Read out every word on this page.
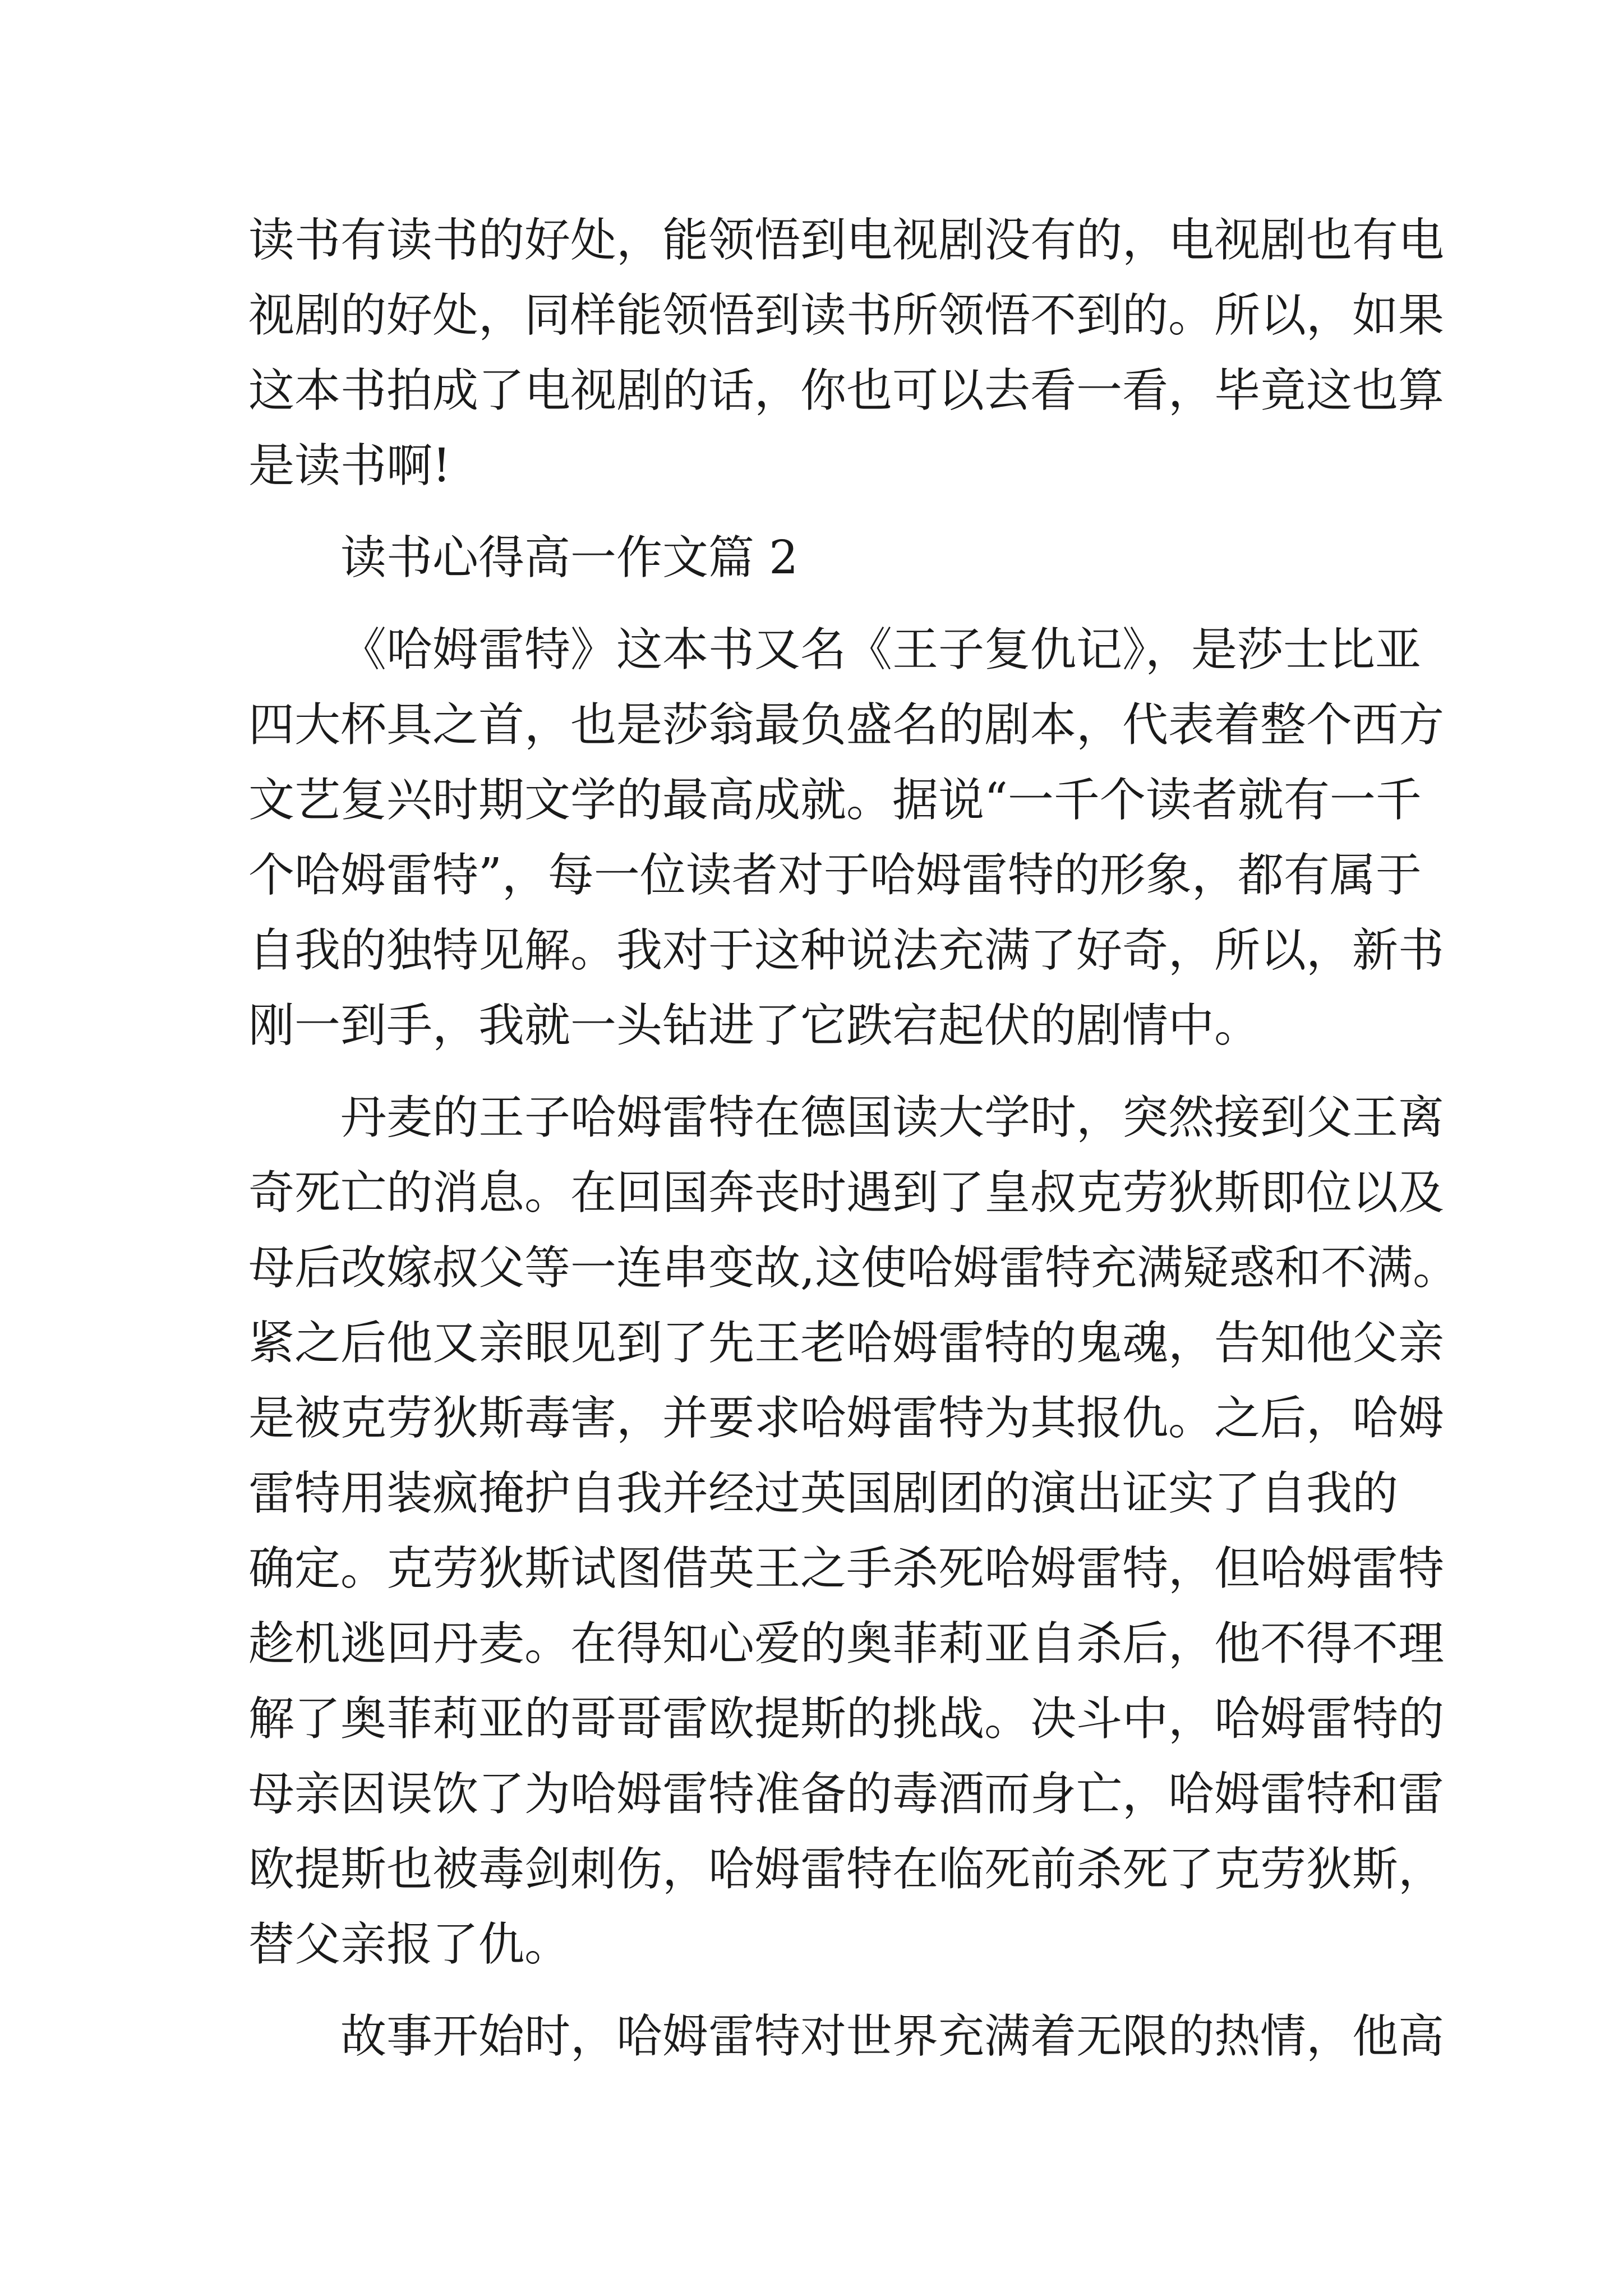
读书有读书的好处，能领悟到电视剧没有的，电视剧也有电
视剧的好处，同样能领悟到读书所领悟不到的。所以，如果
这本书拍成了电视剧的话，你也可以去看一看，毕竟这也算
是读书啊!
读书心得高一作文篇 2
《哈姆雷特》这本书又名《王子复仇记》，是莎士比亚
四大杯具之首，也是莎翁最负盛名的剧本，代表着整个西方
文艺复兴时期文学的最高成就。据说“一千个读者就有一千
个哈姆雷特”，每一位读者对于哈姆雷特的形象，都有属于
自我的独特见解。我对于这种说法充满了好奇，所以，新书
刚一到手，我就一头钻进了它跌宕起伏的剧情中。
丹麦的王子哈姆雷特在德国读大学时，突然接到父王离
奇死亡的消息。在回国奔丧时遇到了皇叔克劳狄斯即位以及
母后改嫁叔父等一连串变故,这使哈姆雷特充满疑惑和不满。
紧之后他又亲眼见到了先王老哈姆雷特的鬼魂，告知他父亲
是被克劳狄斯毒害，并要求哈姆雷特为其报仇。之后，哈姆
雷特用装疯掩护自我并经过英国剧团的演出证实了自我的
确定。克劳狄斯试图借英王之手杀死哈姆雷特，但哈姆雷特
趁机逃回丹麦。在得知心爱的奥菲莉亚自杀后，他不得不理
解了奥菲莉亚的哥哥雷欧提斯的挑战。决斗中，哈姆雷特的
母亲因误饮了为哈姆雷特准备的毒酒而身亡，哈姆雷特和雷
欧提斯也被毒剑刺伤，哈姆雷特在临死前杀死了克劳狄斯，
替父亲报了仇。
故事开始时，哈姆雷特对世界充满着无限的热情，他高
